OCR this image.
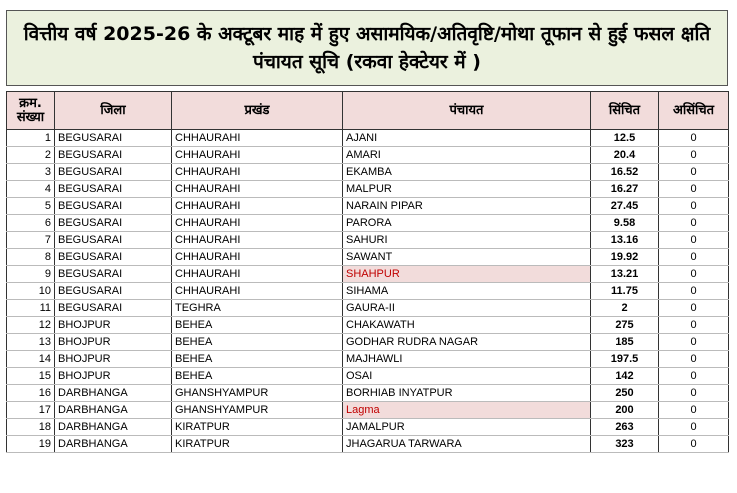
वित्तीय वर्ष 2025-26 के अक्टूबर माह में हुए असामयिक/अतिवृष्टि/मोथा तूफान से हुई फसल क्षति पंचायत सूचि (रकवा हेक्टेयर में )
क्रम. संख्या	जिला	प्रखंड	पंचायत	सिंचित	असिंचित
1	BEGUSARAI	CHHAURAHI	AJANI	12.5	0
2	BEGUSARAI	CHHAURAHI	AMARI	20.4	0
3	BEGUSARAI	CHHAURAHI	EKAMBA	16.52	0
4	BEGUSARAI	CHHAURAHI	MALPUR	16.27	0
5	BEGUSARAI	CHHAURAHI	NARAIN PIPAR	27.45	0
6	BEGUSARAI	CHHAURAHI	PARORA	9.58	0
7	BEGUSARAI	CHHAURAHI	SAHURI	13.16	0
8	BEGUSARAI	CHHAURAHI	SAWANT	19.92	0
9	BEGUSARAI	CHHAURAHI	SHAHPUR	13.21	0
10	BEGUSARAI	CHHAURAHI	SIHAMA	11.75	0
11	BEGUSARAI	TEGHRA	GAURA-II	2	0
12	BHOJPUR	BEHEA	CHAKAWATH	275	0
13	BHOJPUR	BEHEA	GODHAR RUDRA NAGAR	185	0
14	BHOJPUR	BEHEA	MAJHAWLI	197.5	0
15	BHOJPUR	BEHEA	OSAI	142	0
16	DARBHANGA	GHANSHYAMPUR	BORHIAB INYATPUR	250	0
17	DARBHANGA	GHANSHYAMPUR	Lagma	200	0
18	DARBHANGA	KIRATPUR	JAMALPUR	263	0
19	DARBHANGA	KIRATPUR	JHAGARUA TARWARA	323	0
